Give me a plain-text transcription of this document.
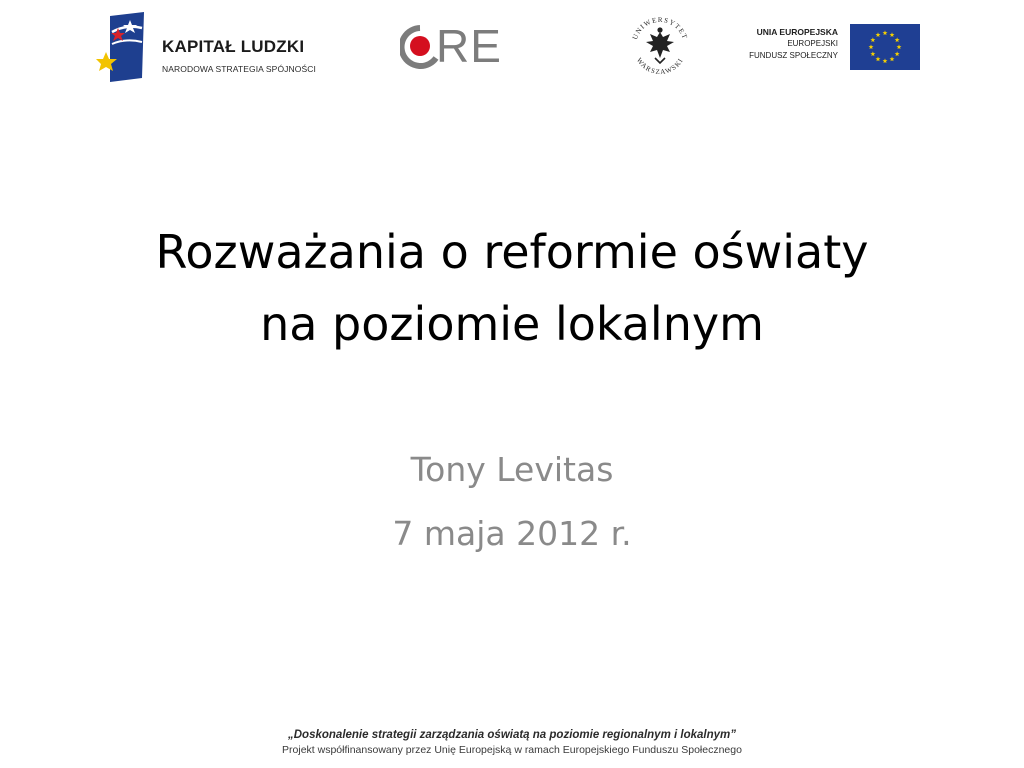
KAPITAŁ LUDZKI
NARODOWA STRATEGIA SPÓJNOŚCI	RE	UNIWERSYTET
WARSZAWSKI
UNIA EUROPEJSKA
EUROPEJSKI
FUNDUSZ SPOŁECZNY
Rozważania o reformie oświaty
na poziomie lokalnym
Tony Levitas
7 maja 2012 r.
„Doskonalenie strategii zarządzania oświatą na poziomie regionalnym i lokalnym”
Projekt współfinansowany przez Unię Europejską w ramach Europejskiego Funduszu Społecznego
